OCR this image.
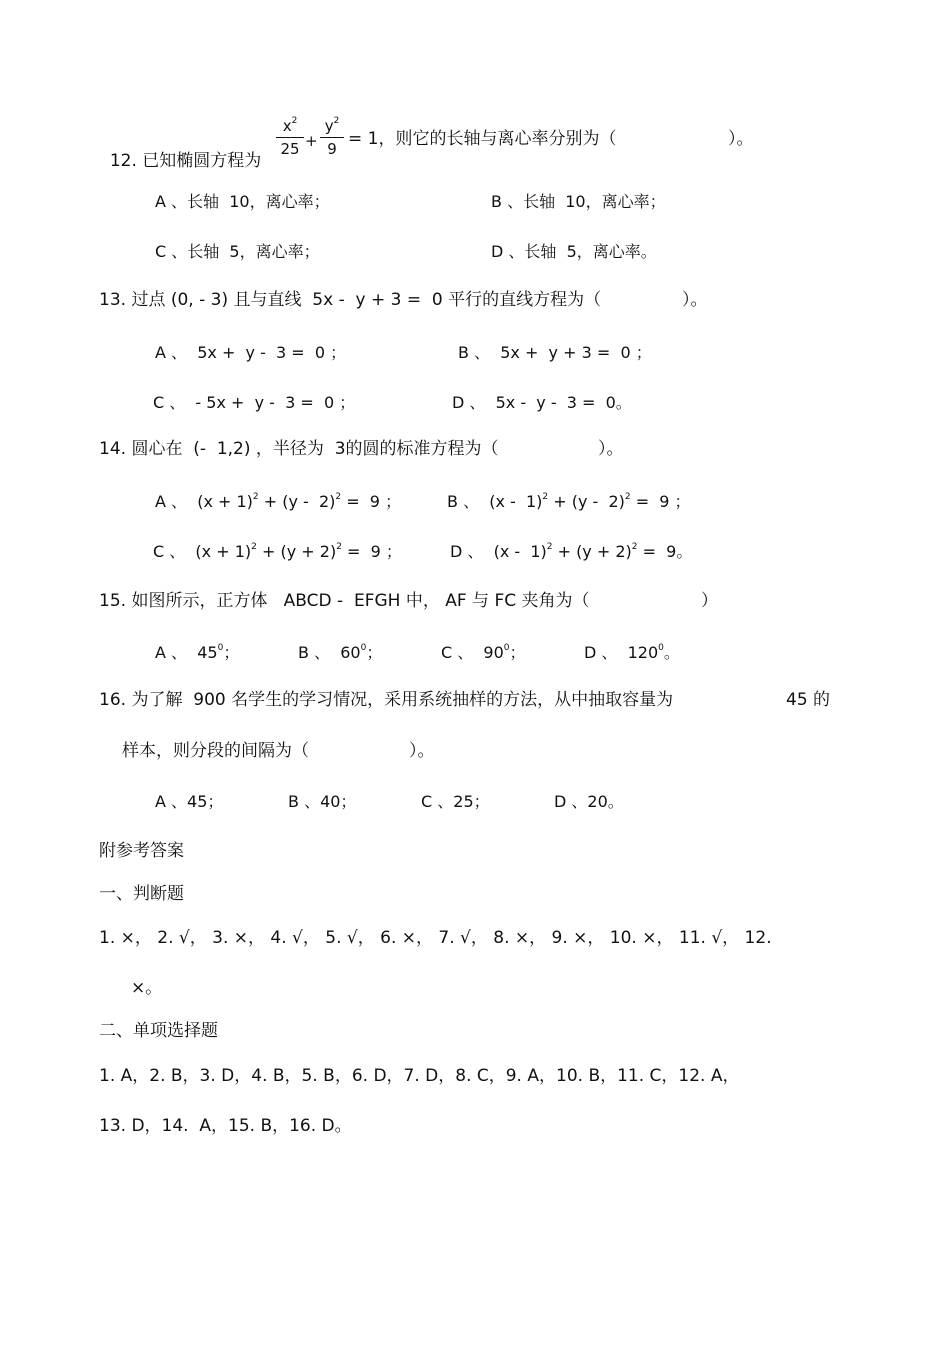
12. 已知椭圆方程为

$x^2$
25 +
$y^2$
9 = 1，则它的长轴与离心率分别为（	）。
A 、长轴  10，离心率；	B 、长轴  10，离心率；
C 、长轴  5，离心率；	D 、长轴  5，离心率。
13. 过点 (0, - 3) 且与直线  5x -  y + 3 =  0 平行的直线方程为（	）。
A 、  5x +  y -  3 =  0 ；	B 、  5x +  y + 3 =  0 ；
C 、  - 5x +  y -  3 =  0 ；	D 、  5x -  y -  3 =  0。
14. 圆心在  (-  1,2) ，半径为  3的圆的标准方程为（	）。
A 、  $(x + 1)^2 + (y - 2)^2 = 9$ ；	B 、  (x -  1)$^2$ + (y -  2)$^2$ =  9 ；
C 、  $(x + 1)^2 + (y + 2)^2 = 9$ ；	D 、  $(x - 1)^2 + (y + 2)^2 = 9$。
15. 如图所示，正方体   ABCD -  EFGH 中， AF 与 FC 夹角为（	）
A 、  $45^0$；	B 、  $60^0$；	C 、  $90^0$；	D 、  $120^0$。
16. 为了解  900 名学生的学习情况，采用系统抽样的方法，从中抽取容量为	45 的
样本，则分段的间隔为（	）。
A 、45；	B 、40；	C 、25；	D 、20。
附参考答案
一、判断题
1. ×， 2. √， 3. ×， 4. √， 5. √， 6. ×， 7. √， 8. ×， 9. ×， 10. ×， 11. √， 12.
×。
二、单项选择题
1. A，2. B，3. D，4. B，5. B，6. D，7. D，8. C，9. A，10. B，11. C，12. A，
13. D，14.  A，15. B，16. D。
